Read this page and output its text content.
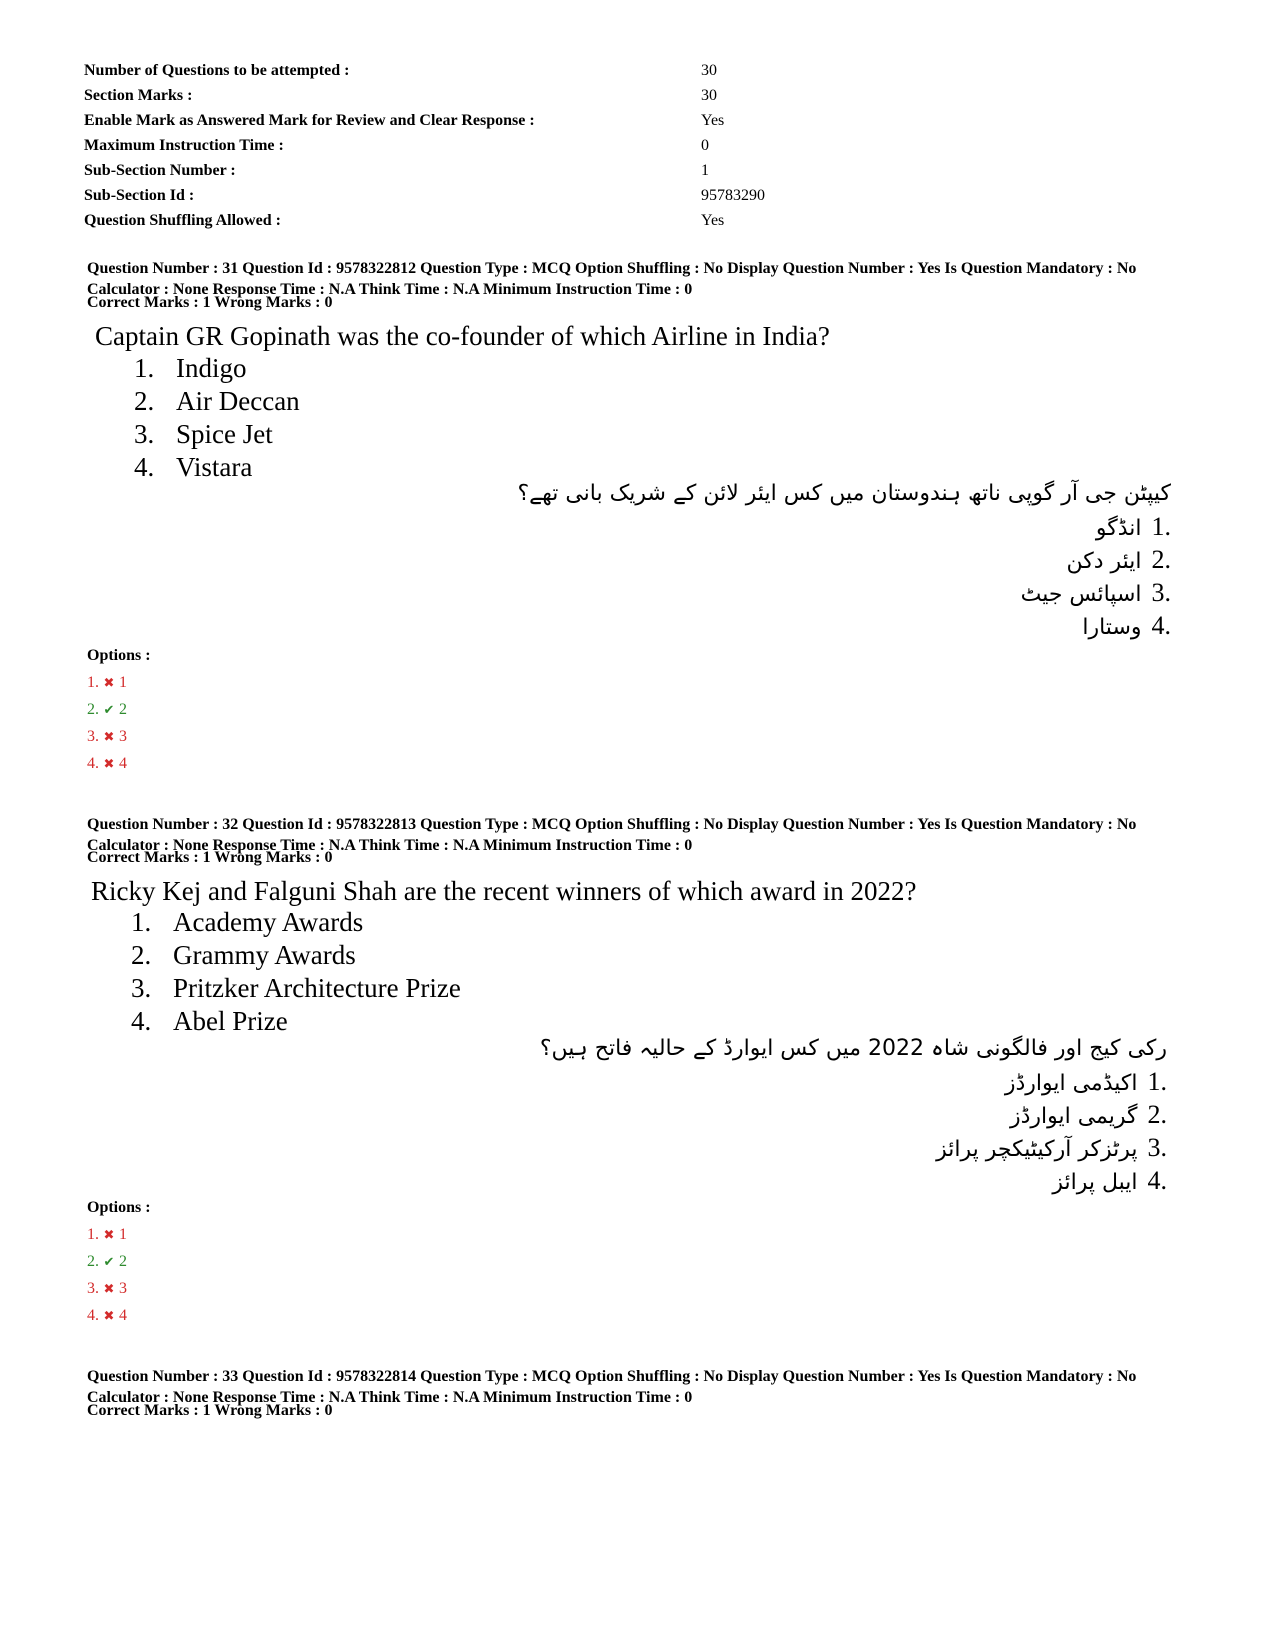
Number of Questions to be attempted :	30
Section Marks :	30
Enable Mark as Answered Mark for Review and Clear Response :	Yes
Maximum Instruction Time :	0
Sub-Section Number :	1
Sub-Section Id :	95783290
Question Shuffling Allowed :	Yes
Question Number : 31 Question Id : 9578322812 Question Type : MCQ Option Shuffling : No Display Question Number : Yes Is Question Mandatory : No Calculator : None Response Time : N.A Think Time : N.A Minimum Instruction Time : 0
Correct Marks : 1 Wrong Marks : 0
Captain GR Gopinath was the co-founder of which Airline in India?
1. Indigo
2. Air Deccan
3. Spice Jet
4. Vistara
کیپٹن جی آر گوپی ناتھ ہندوستان میں کس ایئر لائن کے شریک بانی تھے؟
.1انڈگو
.2ایئر دکن
.3اسپائس جیٹ
.4وستارا
Options :
1. ✖ 1
2. ✔ 2
3. ✖ 3
4. ✖ 4
Question Number : 32 Question Id : 9578322813 Question Type : MCQ Option Shuffling : No Display Question Number : Yes Is Question Mandatory : No Calculator : None Response Time : N.A Think Time : N.A Minimum Instruction Time : 0
Correct Marks : 1 Wrong Marks : 0
Ricky Kej and Falguni Shah are the recent winners of which award in 2022?
1. Academy Awards
2. Grammy Awards
3. Pritzker Architecture Prize
4. Abel Prize
رکی کیج اور فالگونی شاہ 2022 میں کس ایوارڈ کے حالیہ فاتح ہیں؟
.1اکیڈمی ایوارڈز
.2گریمی ایوارڈز
.3پرٹزکر آرکیٹیکچر پرائز
.4ایبل پرائز
Options :
1. ✖ 1
2. ✔ 2
3. ✖ 3
4. ✖ 4
Question Number : 33 Question Id : 9578322814 Question Type : MCQ Option Shuffling : No Display Question Number : Yes Is Question Mandatory : No Calculator : None Response Time : N.A Think Time : N.A Minimum Instruction Time : 0
Correct Marks : 1 Wrong Marks : 0
